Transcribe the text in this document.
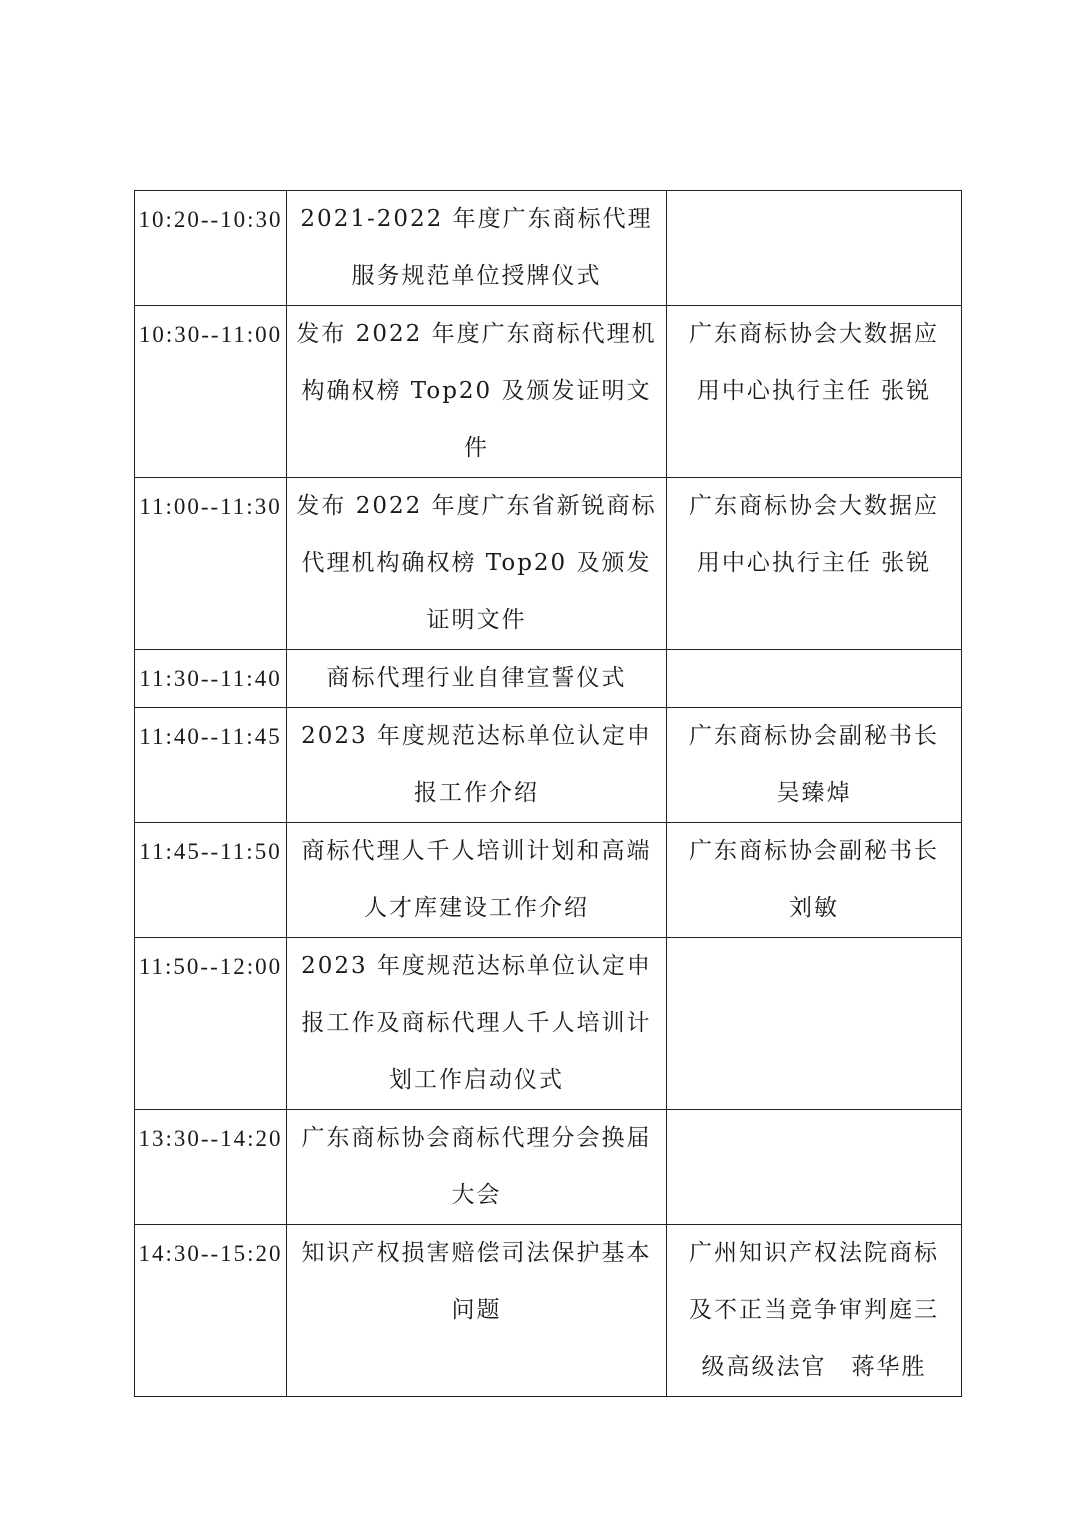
10:20--10:30	2021-2022 年度广东商标代理服务规范单位授牌仪式	

10:30--11:00	发布 2022 年度广东商标代理机构确权榜 Top20 及颁发证明文件	广东商标协会大数据应用中心执行主任 张锐

11:00--11:30	发布 2022 年度广东省新锐商标代理机构确权榜 Top20 及颁发证明文件	广东商标协会大数据应用中心执行主任 张锐

11:30--11:40	商标代理行业自律宣誓仪式	

11:40--11:45	2023 年度规范达标单位认定申报工作介绍	广东商标协会副秘书长 吴臻焯

11:45--11:50	商标代理人千人培训计划和高端人才库建设工作介绍	广东商标协会副秘书长 刘敏

11:50--12:00	2023 年度规范达标单位认定申报工作及商标代理人千人培训计划工作启动仪式	

13:30--14:20	广东商标协会商标代理分会换届大会	

14:30--15:20	知识产权损害赔偿司法保护基本问题	广州知识产权法院商标及不正当竞争审判庭三级高级法官　蒋华胜
